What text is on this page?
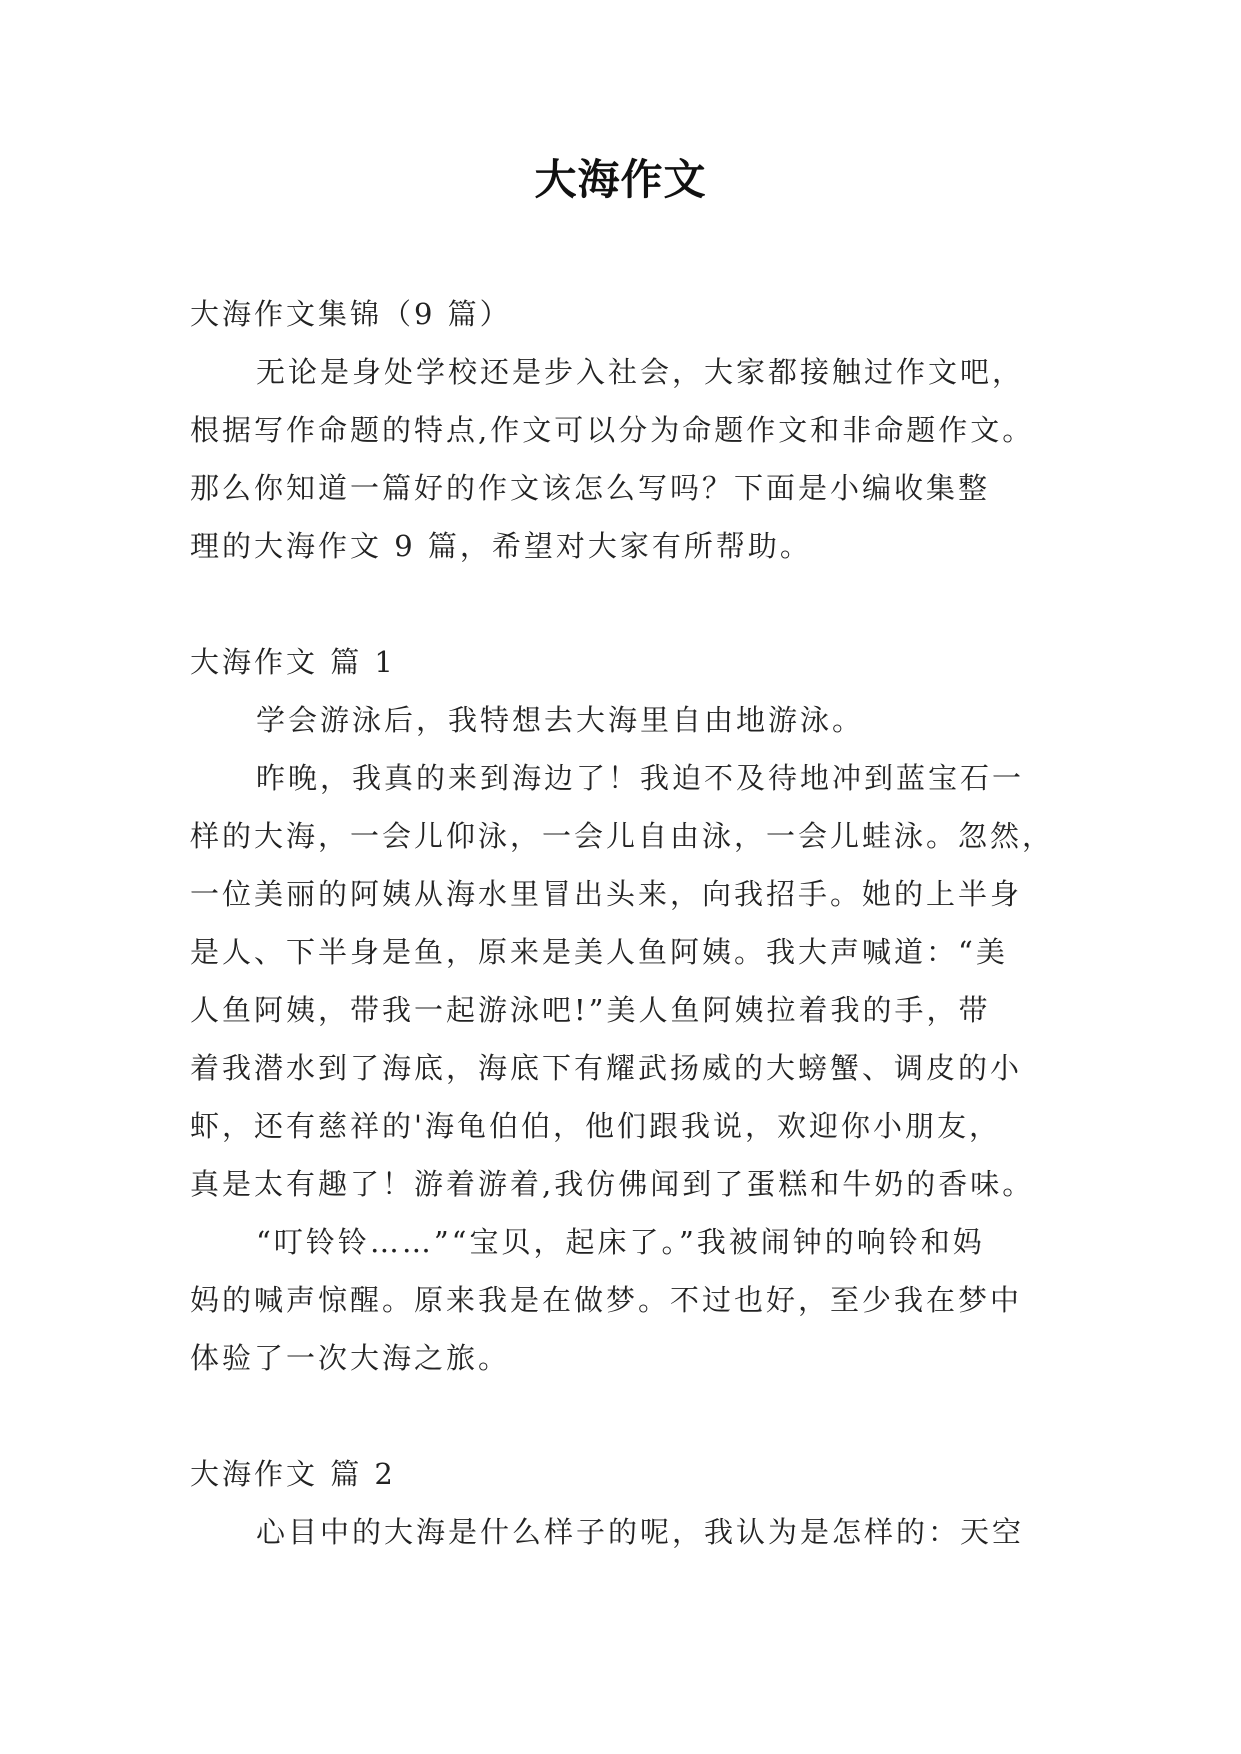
大海作文
大海作文集锦（9 篇）
无论是身处学校还是步入社会，大家都接触过作文吧，
根据写作命题的特点,作文可以分为命题作文和非命题作文。
那么你知道一篇好的作文该怎么写吗？下面是小编收集整
理的大海作文 9 篇，希望对大家有所帮助。
大海作文 篇 1
学会游泳后，我特想去大海里自由地游泳。
昨晚，我真的来到海边了！我迫不及待地冲到蓝宝石一
样的大海，一会儿仰泳，一会儿自由泳，一会儿蛙泳。忽然，
一位美丽的阿姨从海水里冒出头来，向我招手。她的上半身
是人、下半身是鱼，原来是美人鱼阿姨。我大声喊道：“美
人鱼阿姨，带我一起游泳吧!”美人鱼阿姨拉着我的手，带
着我潜水到了海底，海底下有耀武扬威的大螃蟹、调皮的小
虾，还有慈祥的'海龟伯伯，他们跟我说，欢迎你小朋友，
真是太有趣了！游着游着,我仿佛闻到了蛋糕和牛奶的香味。
“叮铃铃……”“宝贝，起床了。”我被闹钟的响铃和妈
妈的喊声惊醒。原来我是在做梦。不过也好，至少我在梦中
体验了一次大海之旅。
大海作文 篇 2
心目中的大海是什么样子的呢，我认为是怎样的：天空
